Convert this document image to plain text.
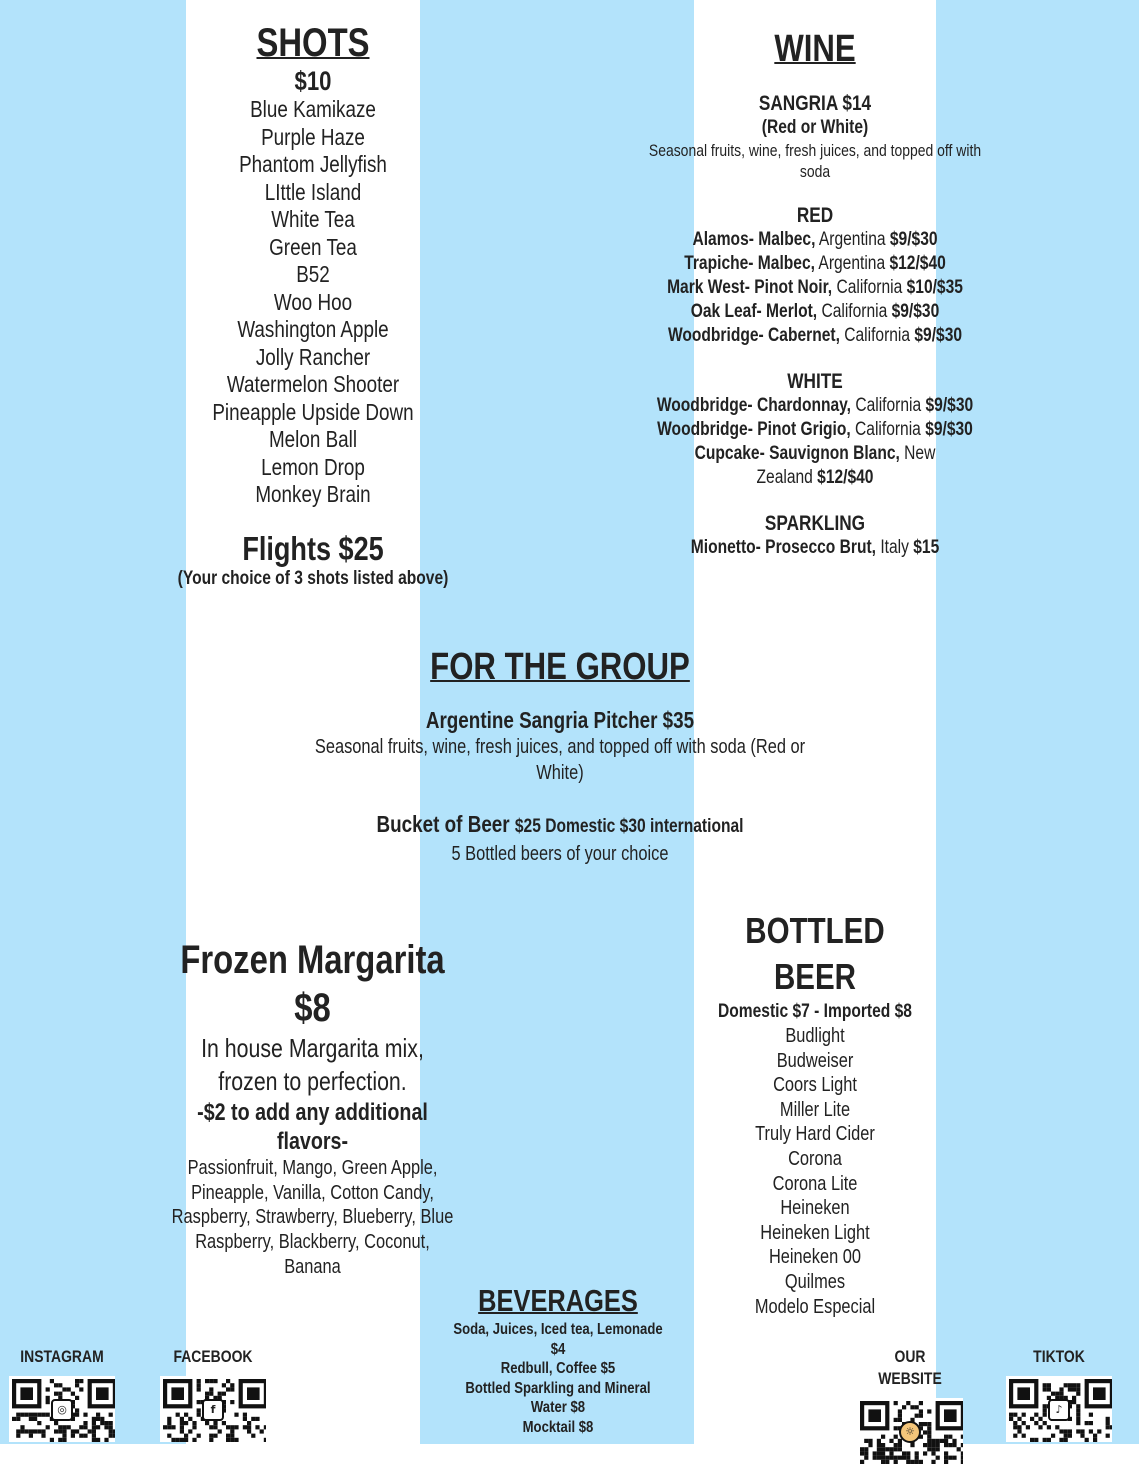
SHOTS
$10
Blue Kamikaze
Purple Haze
Phantom Jellyfish
LIttle Island
White Tea
Green Tea
B52
Woo Hoo
Washington Apple
Jolly Rancher
Watermelon Shooter
Pineapple Upside Down
Melon Ball
Lemon Drop
Monkey Brain
Flights $25
(Your choice of 3 shots listed above)
WINE
SANGRIA $14
(Red or White)
Seasonal fruits, wine, fresh juices, and topped off with soda
RED
Alamos- Malbec, Argentina $9/$30
Trapiche- Malbec, Argentina $12/$40
Mark West- Pinot Noir, California $10/$35
Oak Leaf- Merlot, California $9/$30
Woodbridge- Cabernet, California $9/$30
WHITE
Woodbridge- Chardonnay, California $9/$30
Woodbridge- Pinot Grigio, California $9/$30
Cupcake- Sauvignon Blanc, New Zealand $12/$40
SPARKLING
Mionetto- Prosecco Brut, Italy $15
FOR THE GROUP
Argentine Sangria Pitcher $35
Seasonal fruits, wine, fresh juices, and topped off with soda (Red or White)
Bucket of Beer $25 Domestic $30 international
5 Bottled beers of your choice
Frozen Margarita $8
In house Margarita mix, frozen to perfection.
-$2 to add any additional flavors-
Passionfruit, Mango, Green Apple, Pineapple, Vanilla, Cotton Candy, Raspberry, Strawberry, Blueberry, Blue Raspberry, Blackberry, Coconut, Banana
BOTTLED BEER
Domestic $7 - Imported $8
Budlight
Budweiser
Coors Light
Miller Lite
Truly Hard Cider
Corona
Corona Lite
Heineken
Heineken Light
Heineken 00
Quilmes
Modelo Especial
BEVERAGES
Soda, Juices, Iced tea, Lemonade
$4
Redbull, Coffee $5
Bottled Sparkling and Mineral
Water $8
Mocktail $8
INSTAGRAM
◎
FACEBOOK
f
OUR WEBSITE
☼
TIKTOK
♪
